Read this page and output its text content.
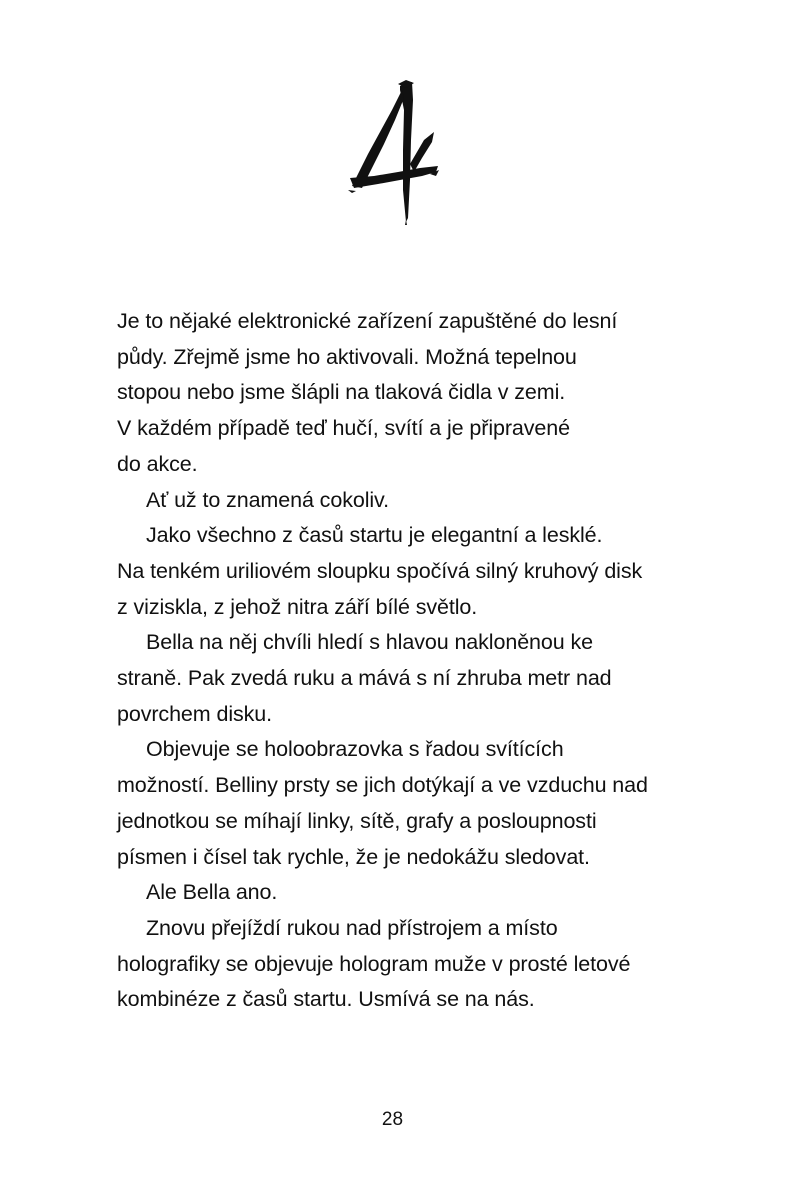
Je to nějaké elektronické zařízení zapuštěné do lesní
půdy. Zřejmě jsme ho aktivovali. Možná tepelnou
stopou nebo jsme šlápli na tlaková čidla v zemi.
V každém případě teď hučí, svítí a je připravené
do akce.
Ať už to znamená cokoliv.
Jako všechno z časů startu je elegantní a lesklé.
Na tenkém uriliovém sloupku spočívá silný kruhový disk
z viziskla, z jehož nitra září bílé světlo.
Bella na něj chvíli hledí s hlavou nakloněnou ke
straně. Pak zvedá ruku a mává s ní zhruba metr nad
povrchem disku.
Objevuje se holoobrazovka s řadou svítících
možností. Belliny prsty se jich dotýkají a ve vzduchu nad
jednotkou se míhají linky, sítě, grafy a posloupnosti
písmen i čísel tak rychle, že je nedokážu sledovat.
Ale Bella ano.
Znovu přejíždí rukou nad přístrojem a místo
holografiky se objevuje hologram muže v prosté letové
kombinéze z časů startu. Usmívá se na nás.
28
